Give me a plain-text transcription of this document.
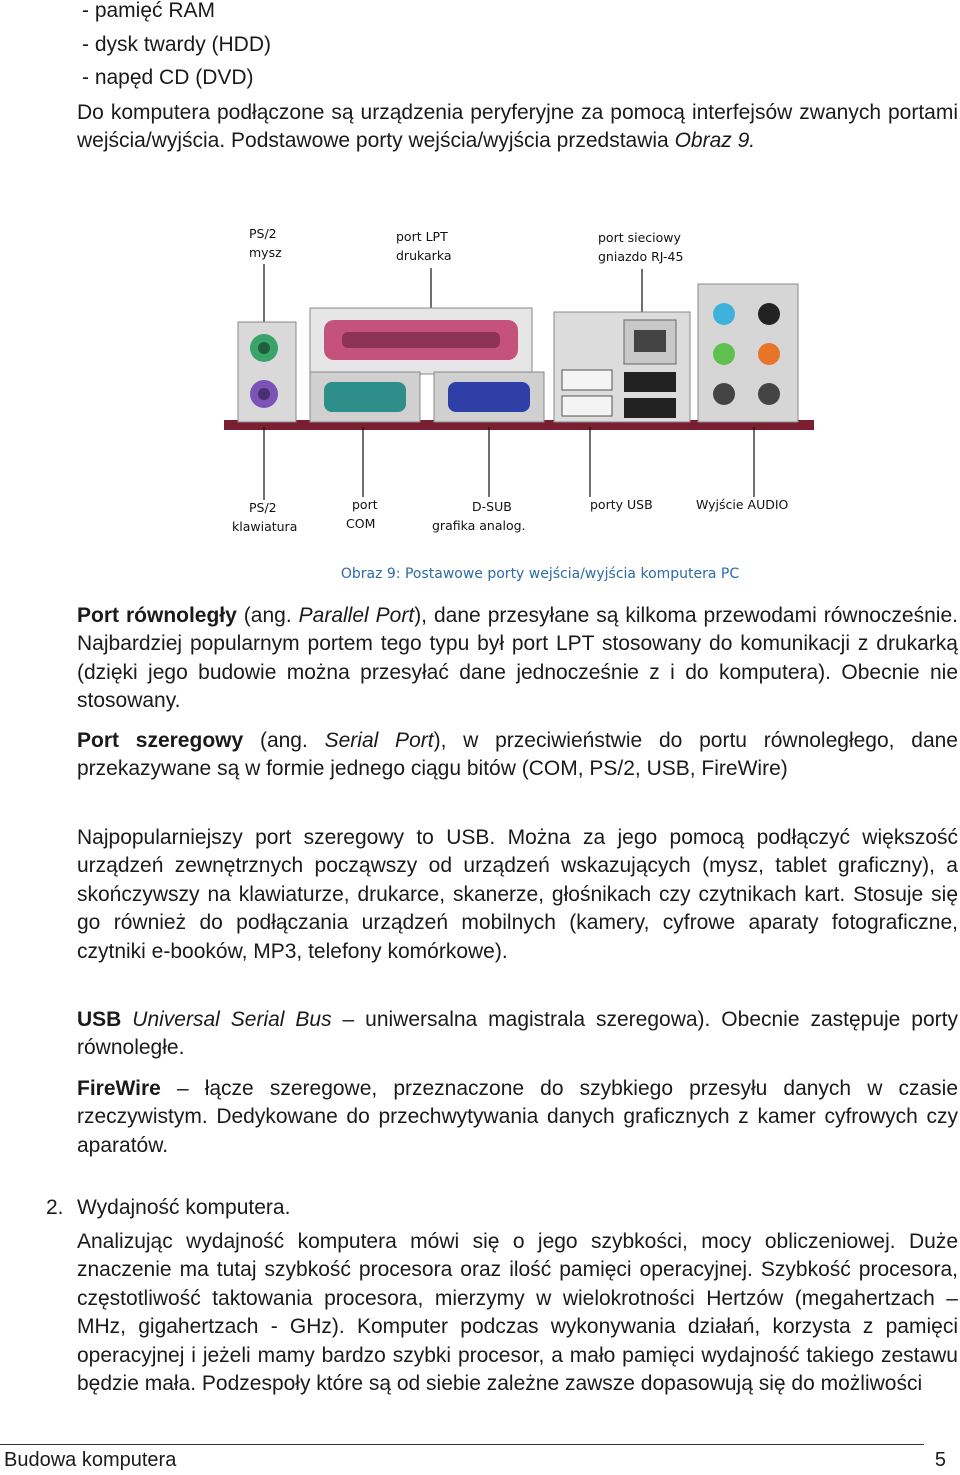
- pamięć RAM
- dysk twardy (HDD)
- napęd CD (DVD)
Do komputera podłączone są urządzenia peryferyjne za pomocą interfejsów zwanych portami wejścia/wyjścia. Podstawowe porty wejścia/wyjścia przedstawia Obraz 9.
PS/2
mysz
port LPT
drukarka
port sieciowy
gniazdo RJ-45
PS/2
klawiatura
port
COM
D-SUB
grafika analog.
porty USB	Wyjście AUDIO
Obraz 9: Postawowe porty wejścia/wyjścia komputera PC
Port równoległy (ang. Parallel Port), dane przesyłane są kilkoma przewodami równocześnie. Najbardziej popularnym portem tego typu był port LPT stosowany do komunikacji z drukarką (dzięki jego budowie można przesyłać dane jednocześnie z i do komputera). Obecnie nie stosowany.
Port szeregowy (ang. Serial Port), w przeciwieństwie do portu równoległego, dane przekazywane są w formie jednego ciągu bitów (COM, PS/2, USB, FireWire)
Najpopularniejszy port szeregowy to USB. Można za jego pomocą podłączyć większość urządzeń zewnętrznych począwszy od urządzeń wskazujących (mysz, tablet graficzny), a skończywszy na klawiaturze, drukarce, skanerze, głośnikach czy czytnikach kart. Stosuje się go również do podłączania urządzeń mobilnych (kamery, cyfrowe aparaty fotograficzne, czytniki e-booków, MP3, telefony komórkowe).
USB Universal Serial Bus – uniwersalna magistrala szeregowa). Obecnie zastępuje porty równoległe.
FireWire – łącze szeregowe, przeznaczone do szybkiego przesyłu danych w czasie rzeczywistym. Dedykowane do przechwytywania danych graficznych z kamer cyfrowych czy aparatów.
2. Wydajność komputera.
Analizując wydajność komputera mówi się o jego szybkości, mocy obliczeniowej. Duże znaczenie ma tutaj szybkość procesora oraz ilość pamięci operacyjnej. Szybkość procesora, częstotliwość taktowania procesora, mierzymy w wielokrotności Hertzów (megahertzach – MHz, gigahertzach - GHz). Komputer podczas wykonywania działań, korzysta z pamięci operacyjnej i jeżeli mamy bardzo szybki procesor, a mało pamięci wydajność takiego zestawu będzie mała. Podzespoły które są od siebie zależne zawsze dopasowują się do możliwości
Budowa komputera	5
